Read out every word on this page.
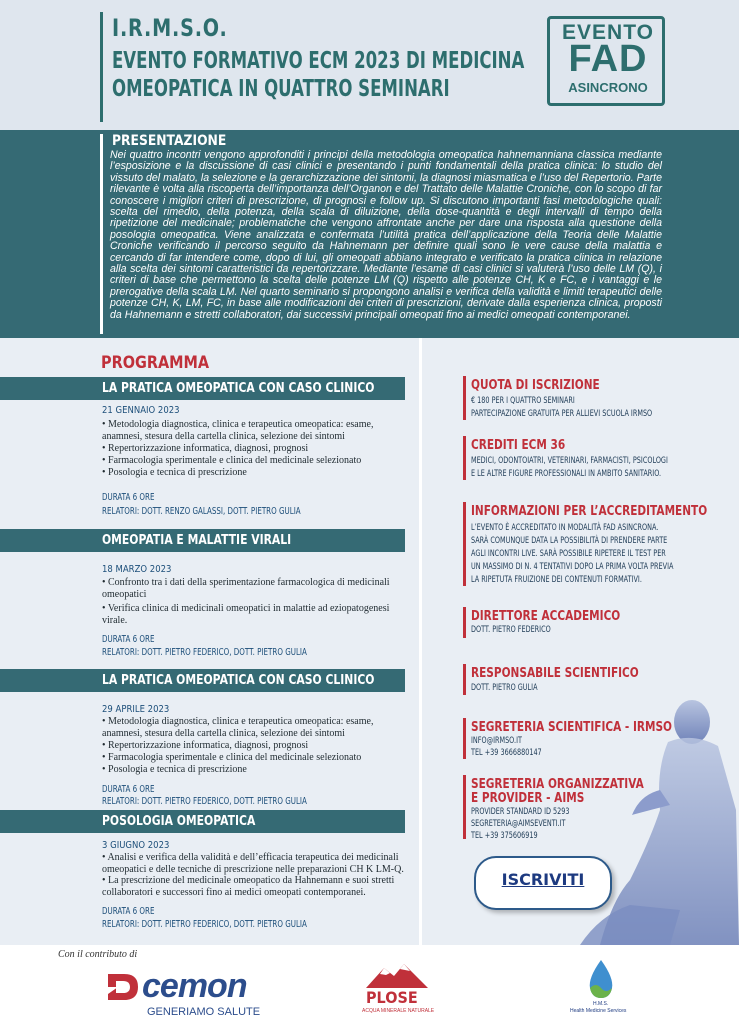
I.R.M.S.O.
EVENTO FORMATIVO ECM 2023 DI MEDICINA
OMEOPATICA IN QUATTRO SEMINARI
EVENTO
FAD
ASINCRONO
PRESENTAZIONE
Nei quattro incontri vengono approfonditi i principi della metodologia omeopatica hahnemanniana classica mediante l’esposizione e la discussione di casi clinici e presentando i punti fondamentali della pratica clinica: lo studio del vissuto del malato, la selezione e la gerarchizzazione dei sintomi, la diagnosi miasmatica e l’uso del Repertorio. Parte rilevante è volta alla riscoperta dell’importanza dell’Organon e del Trattato delle Malattie Croniche, con lo scopo di far conoscere i migliori criteri di prescrizione, di prognosi e follow up. Si discutono importanti fasi metodologiche quali: scelta del rimedio, della potenza, della scala di diluizione, della dose-quantità e degli intervalli di tempo della ripetizione del medicinale; problematiche che vengono affrontate anche per dare una risposta alla questione della posologia omeopatica. Viene analizzata e confermata l’utilità pratica dell’applicazione della Teoria delle Malattie Croniche verificando il percorso seguito da Hahnemann per definire quali sono le vere cause della malattia e cercando di far intendere come, dopo di lui, gli omeopati abbiano integrato e verificato la pratica clinica in relazione alla scelta dei sintomi caratteristici da repertorizzare. Mediante l’esame di casi clinici si valuterà l’uso delle LM (Q), i criteri di base che permettono la scelta delle potenze LM (Q) rispetto alle potenze CH, K e FC, e i vantaggi e le prerogative della scala LM. Nel quarto seminario si propongono analisi e verifica della validità e limiti terapeutici delle potenze CH, K, LM, FC, in base alle modificazioni dei criteri di prescrizioni, derivate dalla esperienza clinica, proposti da Hahnemann e stretti collaboratori, dai successivi principali omeopati fino ai medici omeopati contemporanei.
PROGRAMMA
LA PRATICA OMEOPATICA CON CASO CLINICO
21 GENNAIO 2023
• Metodologia diagnostica, clinica e terapeutica omeopatica: esame, anamnesi, stesura della cartella clinica, selezione dei sintomi
• Repertorizzazione informatica, diagnosi, prognosi
• Farmacologia sperimentale e clinica del medicinale selezionato
• Posologia e tecnica di prescrizione
DURATA 6 ORE
RELATORI: DOTT. RENZO GALASSI, DOTT. PIETRO GULIA
OMEOPATIA E MALATTIE VIRALI
18 MARZO 2023
• Confronto tra i dati della sperimentazione farmacologica di medicinali omeopatici
• Verifica clinica di medicinali omeopatici in malattie ad eziopatogenesi virale.
DURATA 6 ORE
RELATORI: DOTT. PIETRO FEDERICO, DOTT. PIETRO GULIA
LA PRATICA OMEOPATICA CON CASO CLINICO
29 APRILE 2023
• Metodologia diagnostica, clinica e terapeutica omeopatica: esame, anamnesi, stesura della cartella clinica, selezione dei sintomi
• Repertorizzazione informatica, diagnosi, prognosi
• Farmacologia sperimentale e clinica del medicinale selezionato
• Posologia e tecnica di prescrizione
DURATA 6 ORE
RELATORI: DOTT. PIETRO FEDERICO, DOTT. PIETRO GULIA
POSOLOGIA OMEOPATICA
3 GIUGNO 2023
• Analisi e verifica della validità e dell’efficacia terapeutica dei medicinali omeopatici e delle tecniche di prescrizione nelle preparazioni CH K LM-Q.
• La prescrizione del medicinale omeopatico da Hahnemann e suoi stretti collaboratori e successori fino ai medici omeopati contemporanei.
DURATA 6 ORE
RELATORI: DOTT. PIETRO FEDERICO, DOTT. PIETRO GULIA
QUOTA DI ISCRIZIONE
€ 180 PER I QUATTRO SEMINARI
PARTECIPAZIONE GRATUITA PER ALLIEVI SCUOLA IRMSO
CREDITI ECM 36
MEDICI, ODONTOIATRI, VETERINARI, FARMACISTI, PSICOLOGI
E LE ALTRE FIGURE PROFESSIONALI IN AMBITO SANITARIO.
INFORMAZIONI PER L’ACCREDITAMENTO
L’EVENTO È ACCREDITATO IN MODALITÀ FAD ASINCRONA.
SARÀ COMUNQUE DATA LA POSSIBILITÀ DI PRENDERE PARTE
AGLI INCONTRI LIVE. SARÀ POSSIBILE RIPETERE IL TEST PER
UN MASSIMO DI N. 4 TENTATIVI DOPO LA PRIMA VOLTA PREVIA
LA RIPETUTA FRUIZIONE DEI CONTENUTI FORMATIVI.
DIRETTORE ACCADEMICO
DOTT. PIETRO FEDERICO
RESPONSABILE SCIENTIFICO
DOTT. PIETRO GULIA
SEGRETERIA SCIENTIFICA - IRMSO
INFO@IRMSO.IT
TEL +39 3666880147
SEGRETERIA ORGANIZZATIVA
E PROVIDER - AIMS
PROVIDER STANDARD ID 5293
SEGRETERIA@AIMSEVENTI.IT
TEL +39 375606919
ISCRIVITI
Con il contributo di
cemon
GENERIAMO SALUTE
PLOSE
ACQUA MINERALE NATURALE
H.M.S.
Health Medicine Services
